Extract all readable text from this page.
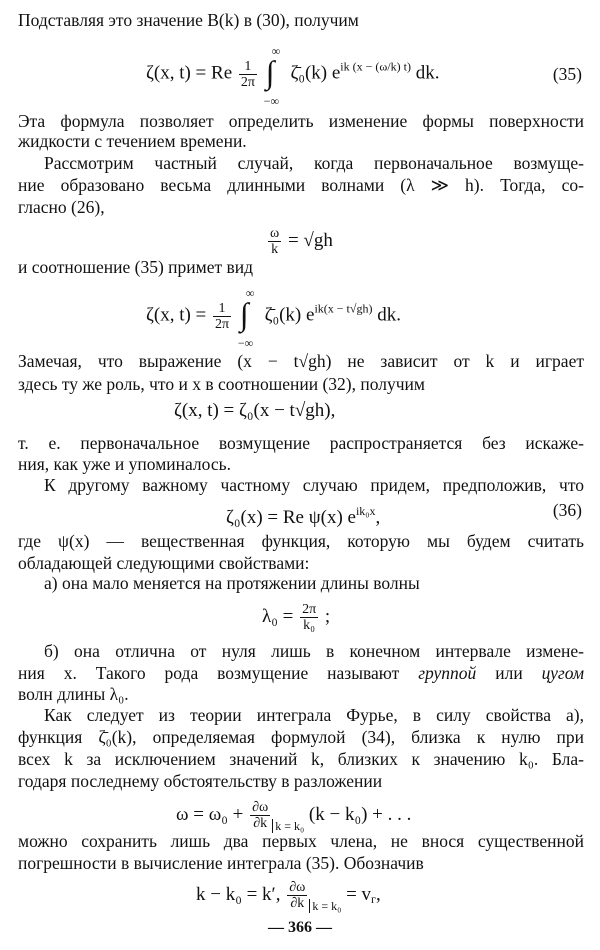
Подставляя это значение B(k) в (30), получим
ζ(x, t) = Re $\frac{1}{2\pi}$

∞
∫
−∞
ζ̄₀(k) $e^{ik (x - (\omega/k) t)}$ dk.	(35)
Эта формула позволяет определить изменение формы поверхности
жидкости с течением времени.
Рассмотрим частный случай, когда первоначальное возмуще-
ние образовано весьма длинными волнами (λ ≫ h). Тогда, со-
гласно (26),
$\frac{\omega}{k} = √gh$
и соотношение (35) примет вид
ζ(x, $t) = \frac{1}{2\pi}$

∞
∫
−∞
ζ̄₀(k) $e^{ik(x - t√gh)}$ dk.
Замечая, что выражение (x − t√gh) не зависит от k и играет
здесь ту же роль, что и x в соотношении (32), получим
ζ(x, t) = ζ₀(x − t√gh),
т. е. первоначальное возмущение распространяется без искаже-
ния, как уже и упоминалось.
К другому важному частному случаю придем, предположив, что
ζ₀(x) = Re ψ(x) $e^{ik_0x}$,	(36)
где ψ(x) — вещественная функция, которую мы будем считать
обладающей следующими свойствами:
а) она мало меняется на протяжении длины волны
$\lambda_0 = \frac{2\pi}{\text{k₀}}$ ;
б) она отлична от нуля лишь в конечном интервале измене-
ния x. Такого рода возмущение называют группой или цугом
волн длины λ₀.
Как следует из теории интеграла Фурье, в силу свойства а),
функция ζ̄₀(k), определяемая формулой (34), близка к нулю при
всех k за исключением значений k, близких к значению k₀. Бла-
годаря последнему обстоятельству в разложении
$\omega = \omega_0 + \frac{\partial\omega}{\partial k} _{k = k_0}$ (k − k₀) + . . .
можно сохранить лишь два первых члена, не внося существенной
погрешности в вычисление интеграла (35). Обозначив
k − k₀ = k′, $\frac{\partial\omega}{\partial k} _{k = k_0} = v_г$,
— 366 —
